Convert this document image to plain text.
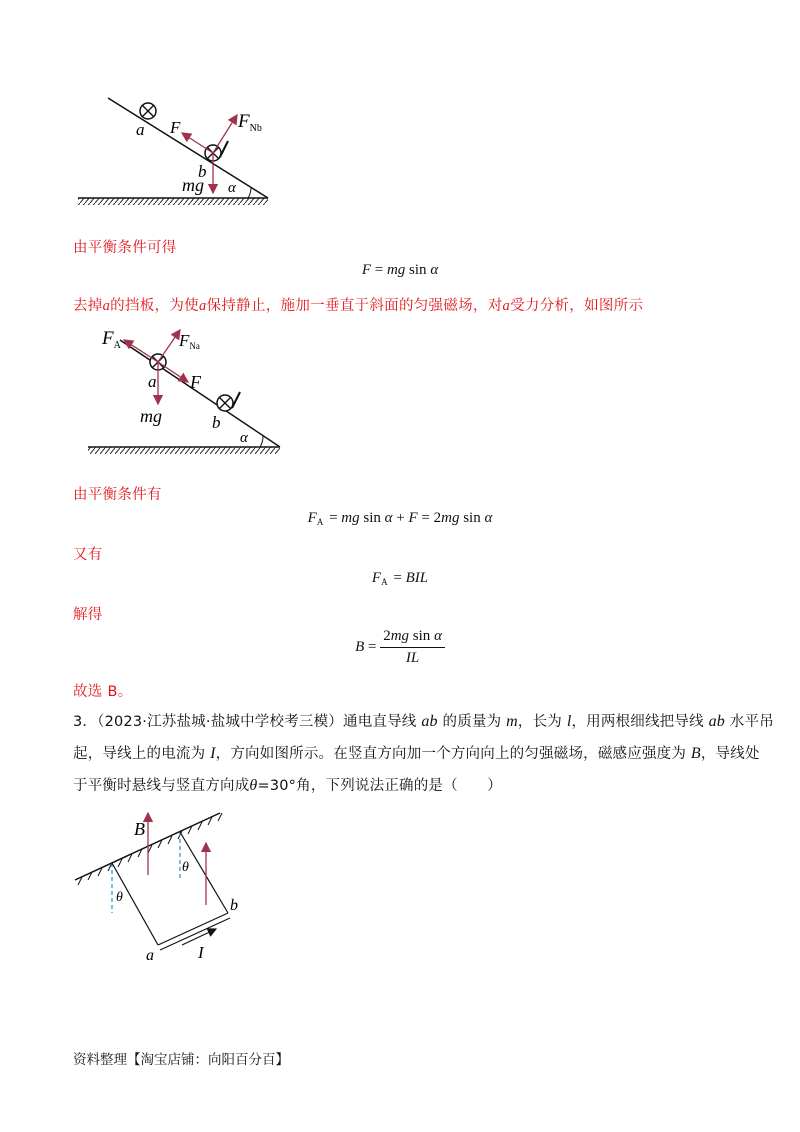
a F	$F_{Nb}$
b
mg α
由平衡条件可得
F = mg sin α
去掉a的挡板，为使a保持静止，施加一垂直于斜面的匀强磁场，对a受力分析，如图所示
$F_A$	FNa
F
a
mg	b
α
由平衡条件有
$F_A$ = mg sin α + F = 2mg sin α
又有
$F_A$ = BIL
解得
$B = \frac{\text{2mg sin α}}{IL}$
故选 B。
3．（2023·江苏盐城·盐城中学校考三模）通电直导线 ab 的质量为 m，长为 l，用两根细线把导线 ab 水平吊
起，导线上的电流为 I，方向如图所示。在竖直方向加一个方向向上的匀强磁场，磁感应强度为 B，导线处
于平衡时悬线与竖直方向成θ=30°角，下列说法正确的是（　　）
B
θ
θ
a
b
I
资料整理【淘宝店铺：向阳百分百】
